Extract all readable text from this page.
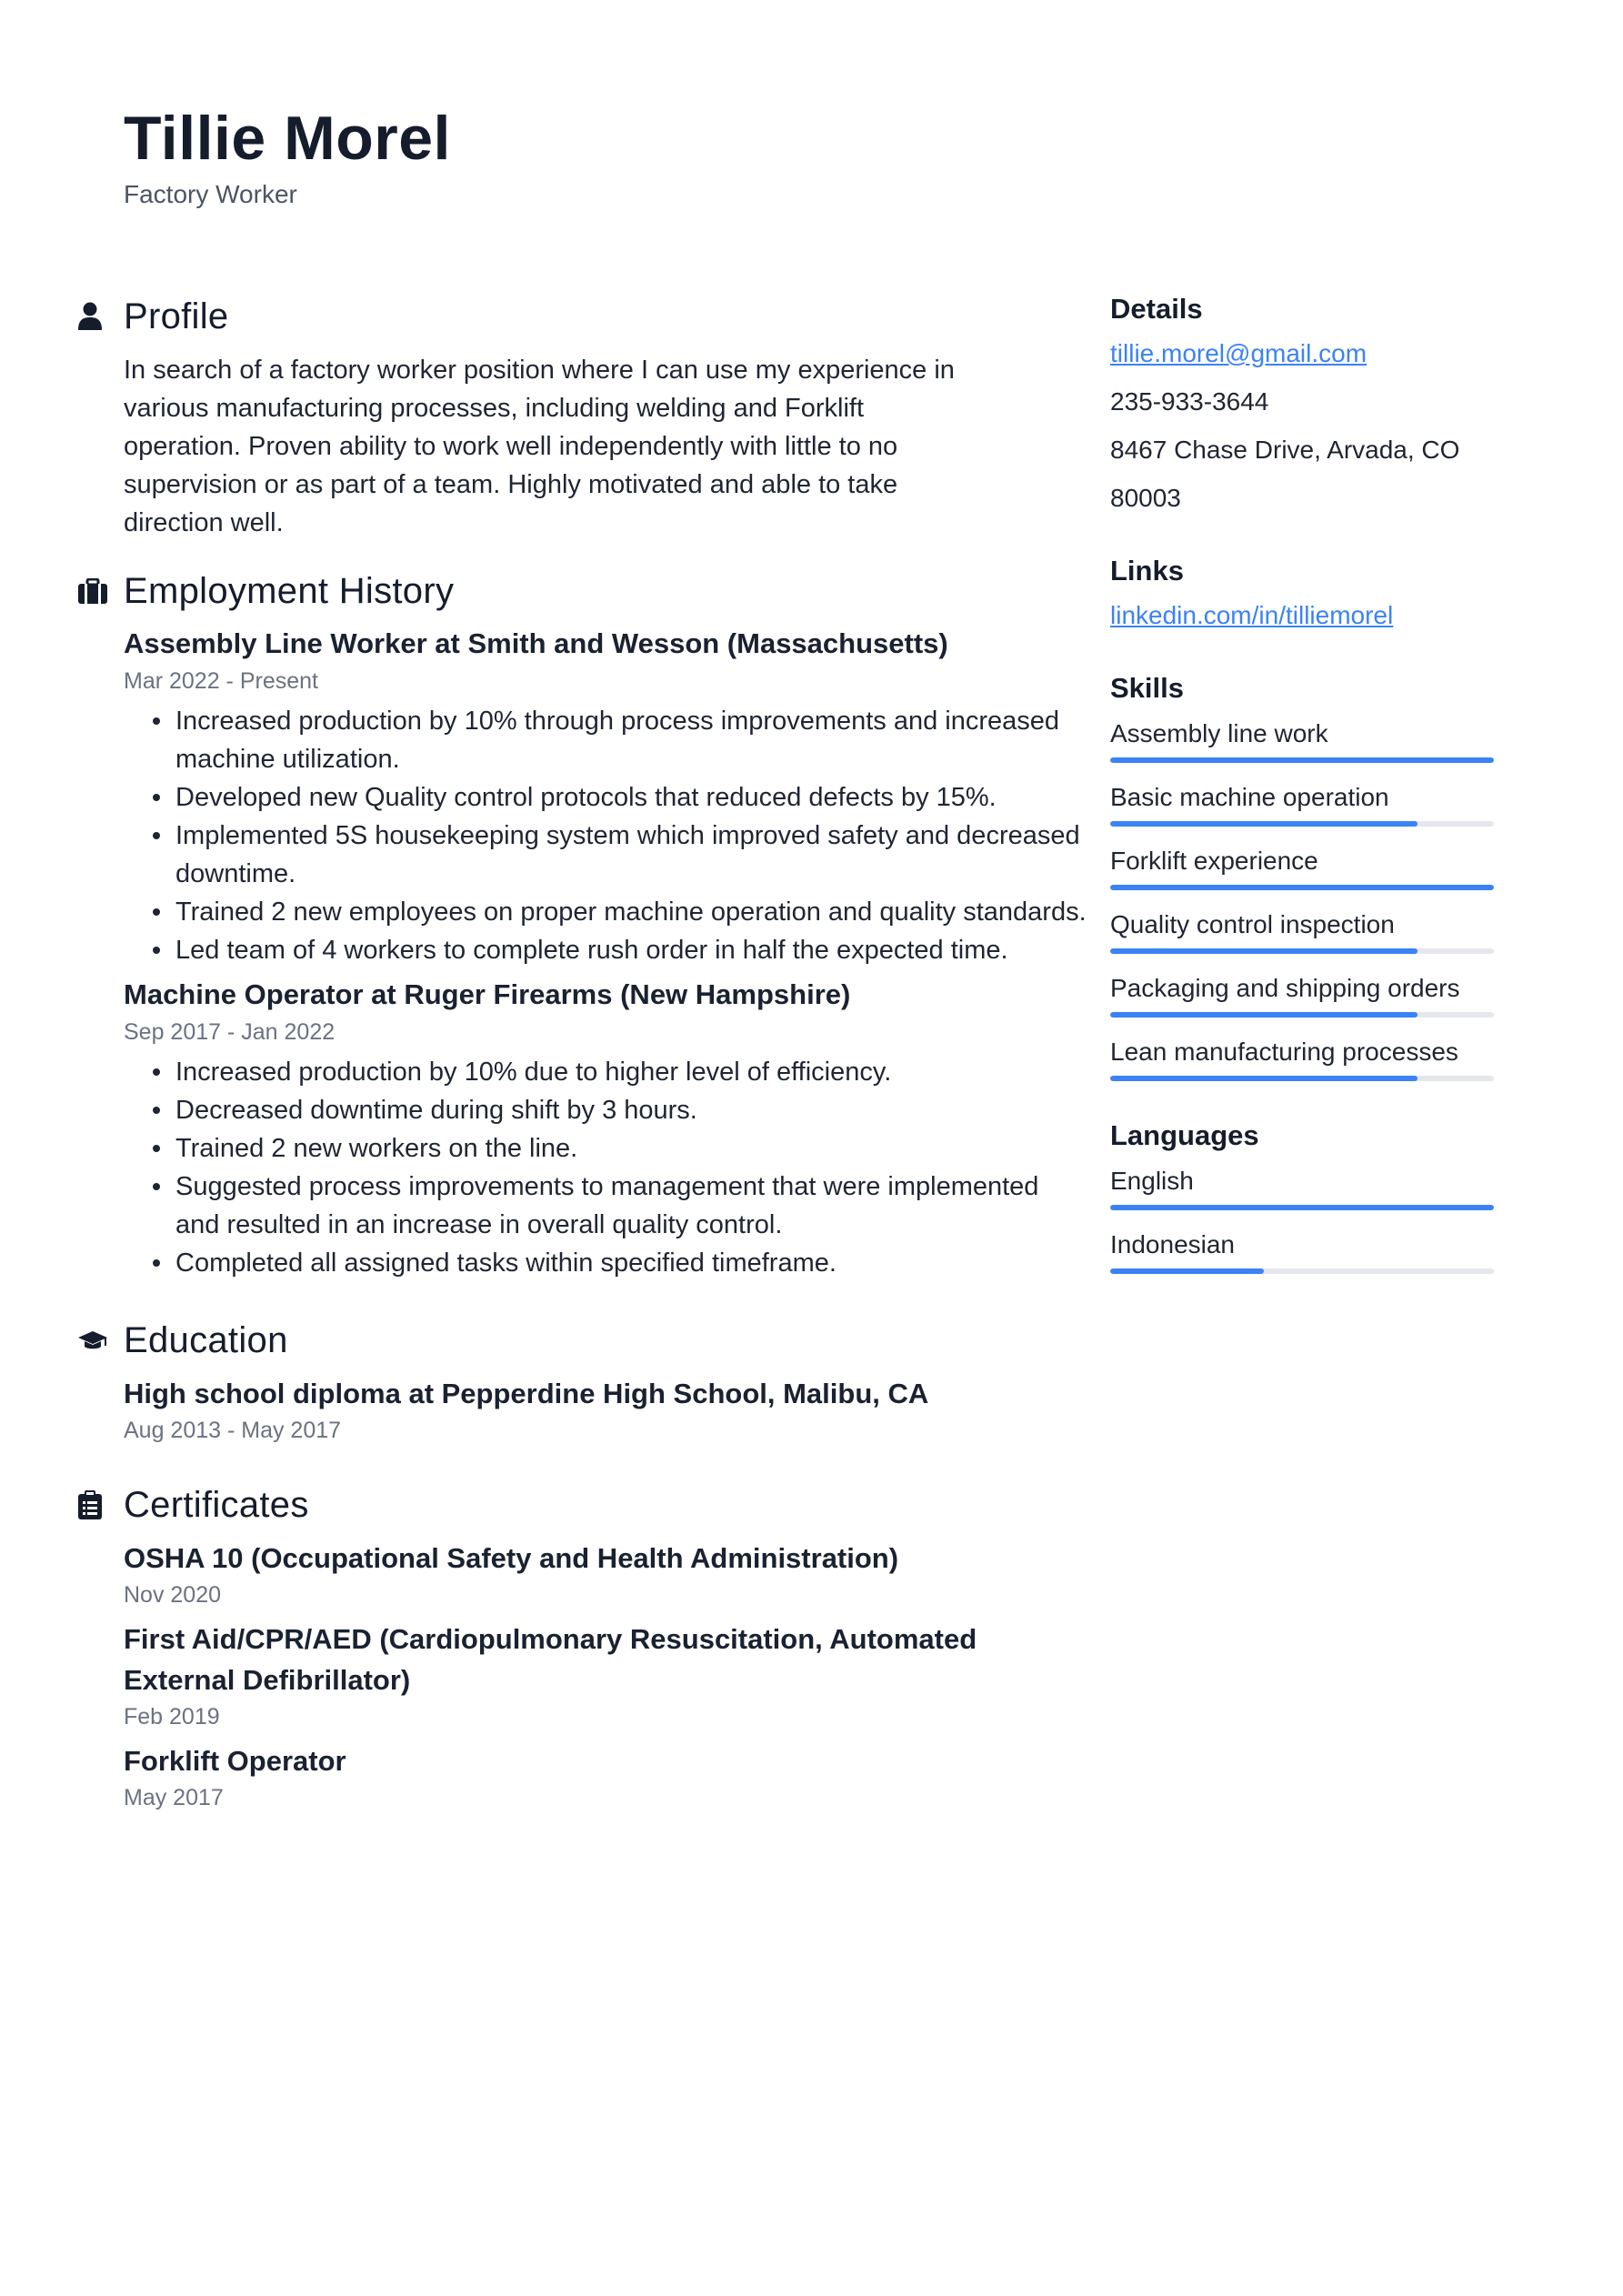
Tillie Morel
Factory Worker
Profile

In search of a factory worker position where I can use my experience in various manufacturing processes, including welding and Forklift operation. Proven ability to work well independently with little to no supervision or as part of a team. Highly motivated and able to take direction well.

Employment History
Assembly Line Worker at Smith and Wesson (Massachusetts)
Mar 2022 - Present
Increased production by 10% through process improvements and increased machine utilization.
Developed new Quality control protocols that reduced defects by 15%.
Implemented 5S housekeeping system which improved safety and decreased downtime.
Trained 2 new employees on proper machine operation and quality standards.
Led team of 4 workers to complete rush order in half the expected time.
Machine Operator at Ruger Firearms (New Hampshire)
Sep 2017 - Jan 2022
Increased production by 10% due to higher level of efficiency.
Decreased downtime during shift by 3 hours.
Trained 2 new workers on the line.
Suggested process improvements to management that were implemented and resulted in an increase in overall quality control.
Completed all assigned tasks within specified timeframe.
Education
High school diploma at Pepperdine High School, Malibu, CA
Aug 2013 - May 2017
Certificates
OSHA 10 (Occupational Safety and Health Administration)
Nov 2020
First Aid/CPR/AED (Cardiopulmonary Resuscitation, Automated External Defibrillator)
Feb 2019
Forklift Operator
May 2017
Details
tillie.morel@gmail.com
235-933-3644
8467 Chase Drive, Arvada, CO 80003
Links
linkedin.com/in/tilliemorel
Skills
Assembly line work
Basic machine operation
Forklift experience
Quality control inspection
Packaging and shipping orders
Lean manufacturing processes
Languages
English
Indonesian
